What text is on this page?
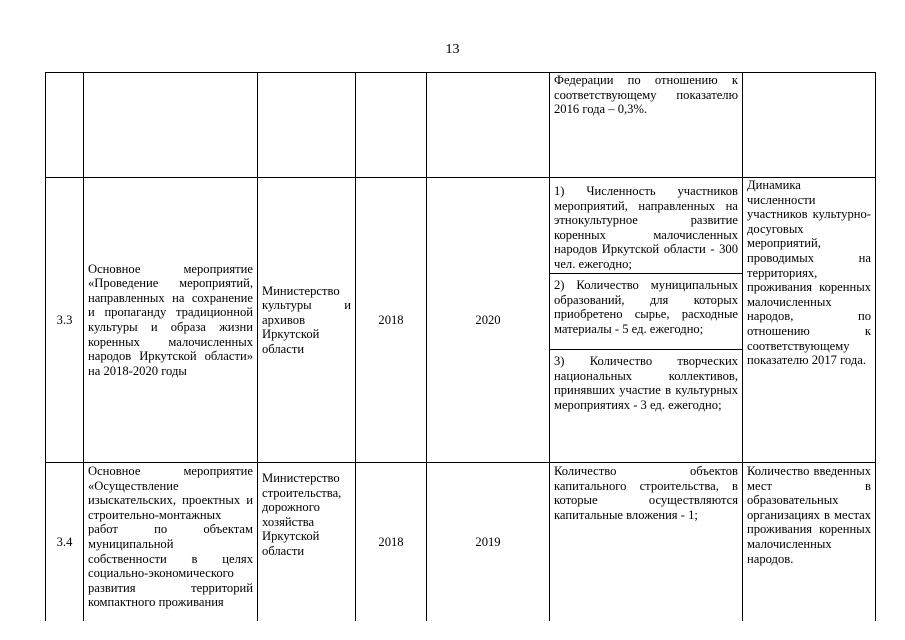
13

					Федерации по отношению к соответствующему показателю 2016 года – 0,3%.	

3.3	Основное мероприятие «Проведение мероприятий, направленных на сохранение и пропаганду традиционной культуры и образа жизни коренных малочисленных народов Иркутской области» на 2018-2020 годы	Министерство культуры и архивов Иркутской области	2018	2020	1) Численность участников мероприятий, направленных на этнокультурное развитие коренных малочисленных народов Иркутской области - 300 чел. ежегодно;
2) Количество муниципальных образований, для которых приобретено сырье, расходные материалы - 5 ед. ежегодно;
3) Количество творческих национальных коллективов, принявших участие в культурных мероприятиях - 3 ед. ежегодно;	Динамика численности участников культурно-досуговых мероприятий, проводимых на территориях, проживания коренных малочисленных народов, по отношению к соответствующему показателю 2017 года.

3.4	Основное мероприятие «Осуществление изыскательских, проектных и строительно-монтажных работ по объектам муниципальной собственности в целях социально-экономического развития территорий компактного проживания	Министерство строительства, дорожного хозяйства Иркутской области	2018	2019	Количество объектов капитального строительства, в которые осуществляются капитальные вложения - 1;	Количество введенных мест в образовательных организациях в местах проживания коренных малочисленных народов.
